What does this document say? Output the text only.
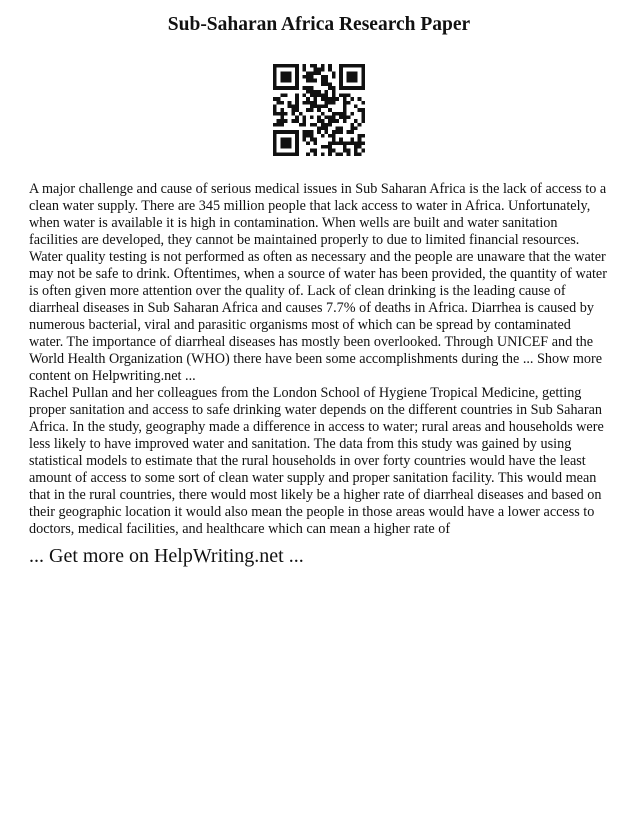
Sub-Saharan Africa Research Paper

A major challenge and cause of serious medical issues in Sub Saharan Africa is the lack of access to a clean water supply. There are 345 million people that lack access to water in Africa. Unfortunately, when water is available it is high in contamination. When wells are built and water sanitation facilities are developed, they cannot be maintained properly to due to limited financial resources. Water quality testing is not performed as often as necessary and the people are unaware that the water may not be safe to drink. Oftentimes, when a source of water has been provided, the quantity of water is often given more attention over the quality of. Lack of clean drinking is the leading cause of diarrheal diseases in Sub Saharan Africa and causes 7.7% of deaths in Africa. Diarrhea is caused by numerous bacterial, viral and parasitic organisms most of which can be spread by contaminated water. The importance of diarrheal diseases has mostly been overlooked. Through UNICEF and the World Health Organization (WHO) there have been some accomplishments during the ... Show more content on Helpwriting.net ...

Rachel Pullan and her colleagues from the London School of Hygiene Tropical Medicine, getting proper sanitation and access to safe drinking water depends on the different countries in Sub Saharan Africa. In the study, geography made a difference in access to water; rural areas and households were less likely to have improved water and sanitation. The data from this study was gained by using statistical models to estimate that the rural households in over forty countries would have the least amount of access to some sort of clean water supply and proper sanitation facility. This would mean that in the rural countries, there would most likely be a higher rate of diarrheal diseases and based on their geographic location it would also mean the people in those areas would have a lower access to doctors, medical facilities, and healthcare which can mean a higher rate of

... Get more on HelpWriting.net ...
